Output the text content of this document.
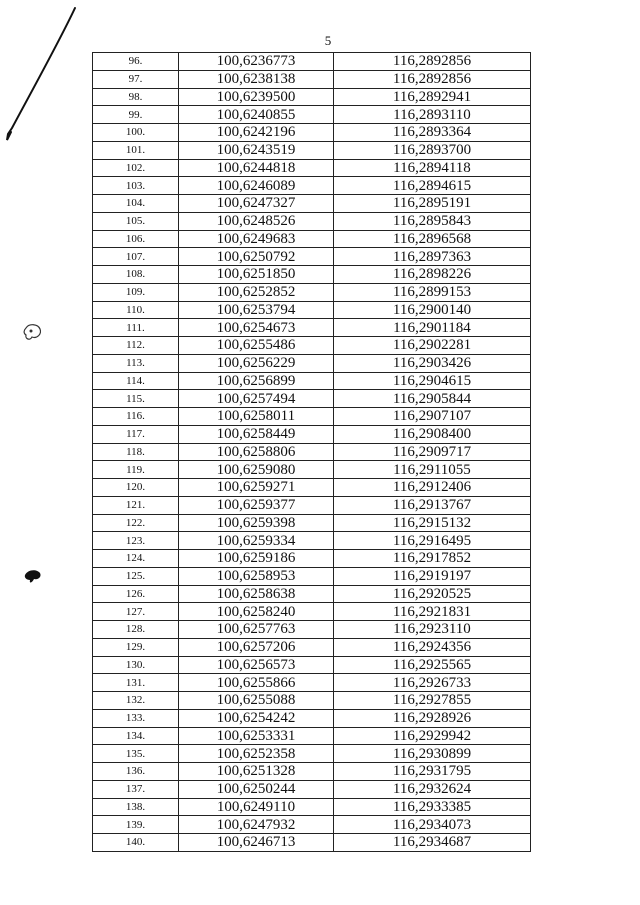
5
96.	100,6236773	116,2892856
97.	100,6238138	116,2892856
98.	100,6239500	116,2892941
99.	100,6240855	116,2893110
100.	100,6242196	116,2893364
101.	100,6243519	116,2893700
102.	100,6244818	116,2894118
103.	100,6246089	116,2894615
104.	100,6247327	116,2895191
105.	100,6248526	116,2895843
106.	100,6249683	116,2896568
107.	100,6250792	116,2897363
108.	100,6251850	116,2898226
109.	100,6252852	116,2899153
110.	100,6253794	116,2900140
111.	100,6254673	116,2901184
112.	100,6255486	116,2902281
113.	100,6256229	116,2903426
114.	100,6256899	116,2904615
115.	100,6257494	116,2905844
116.	100,6258011	116,2907107
117.	100,6258449	116,2908400
118.	100,6258806	116,2909717
119.	100,6259080	116,2911055
120.	100,6259271	116,2912406
121.	100,6259377	116,2913767
122.	100,6259398	116,2915132
123.	100,6259334	116,2916495
124.	100,6259186	116,2917852
125.	100,6258953	116,2919197
126.	100,6258638	116,2920525
127.	100,6258240	116,2921831
128.	100,6257763	116,2923110
129.	100,6257206	116,2924356
130.	100,6256573	116,2925565
131.	100,6255866	116,2926733
132.	100,6255088	116,2927855
133.	100,6254242	116,2928926
134.	100,6253331	116,2929942
135.	100,6252358	116,2930899
136.	100,6251328	116,2931795
137.	100,6250244	116,2932624
138.	100,6249110	116,2933385
139.	100,6247932	116,2934073
140.	100,6246713	116,2934687
